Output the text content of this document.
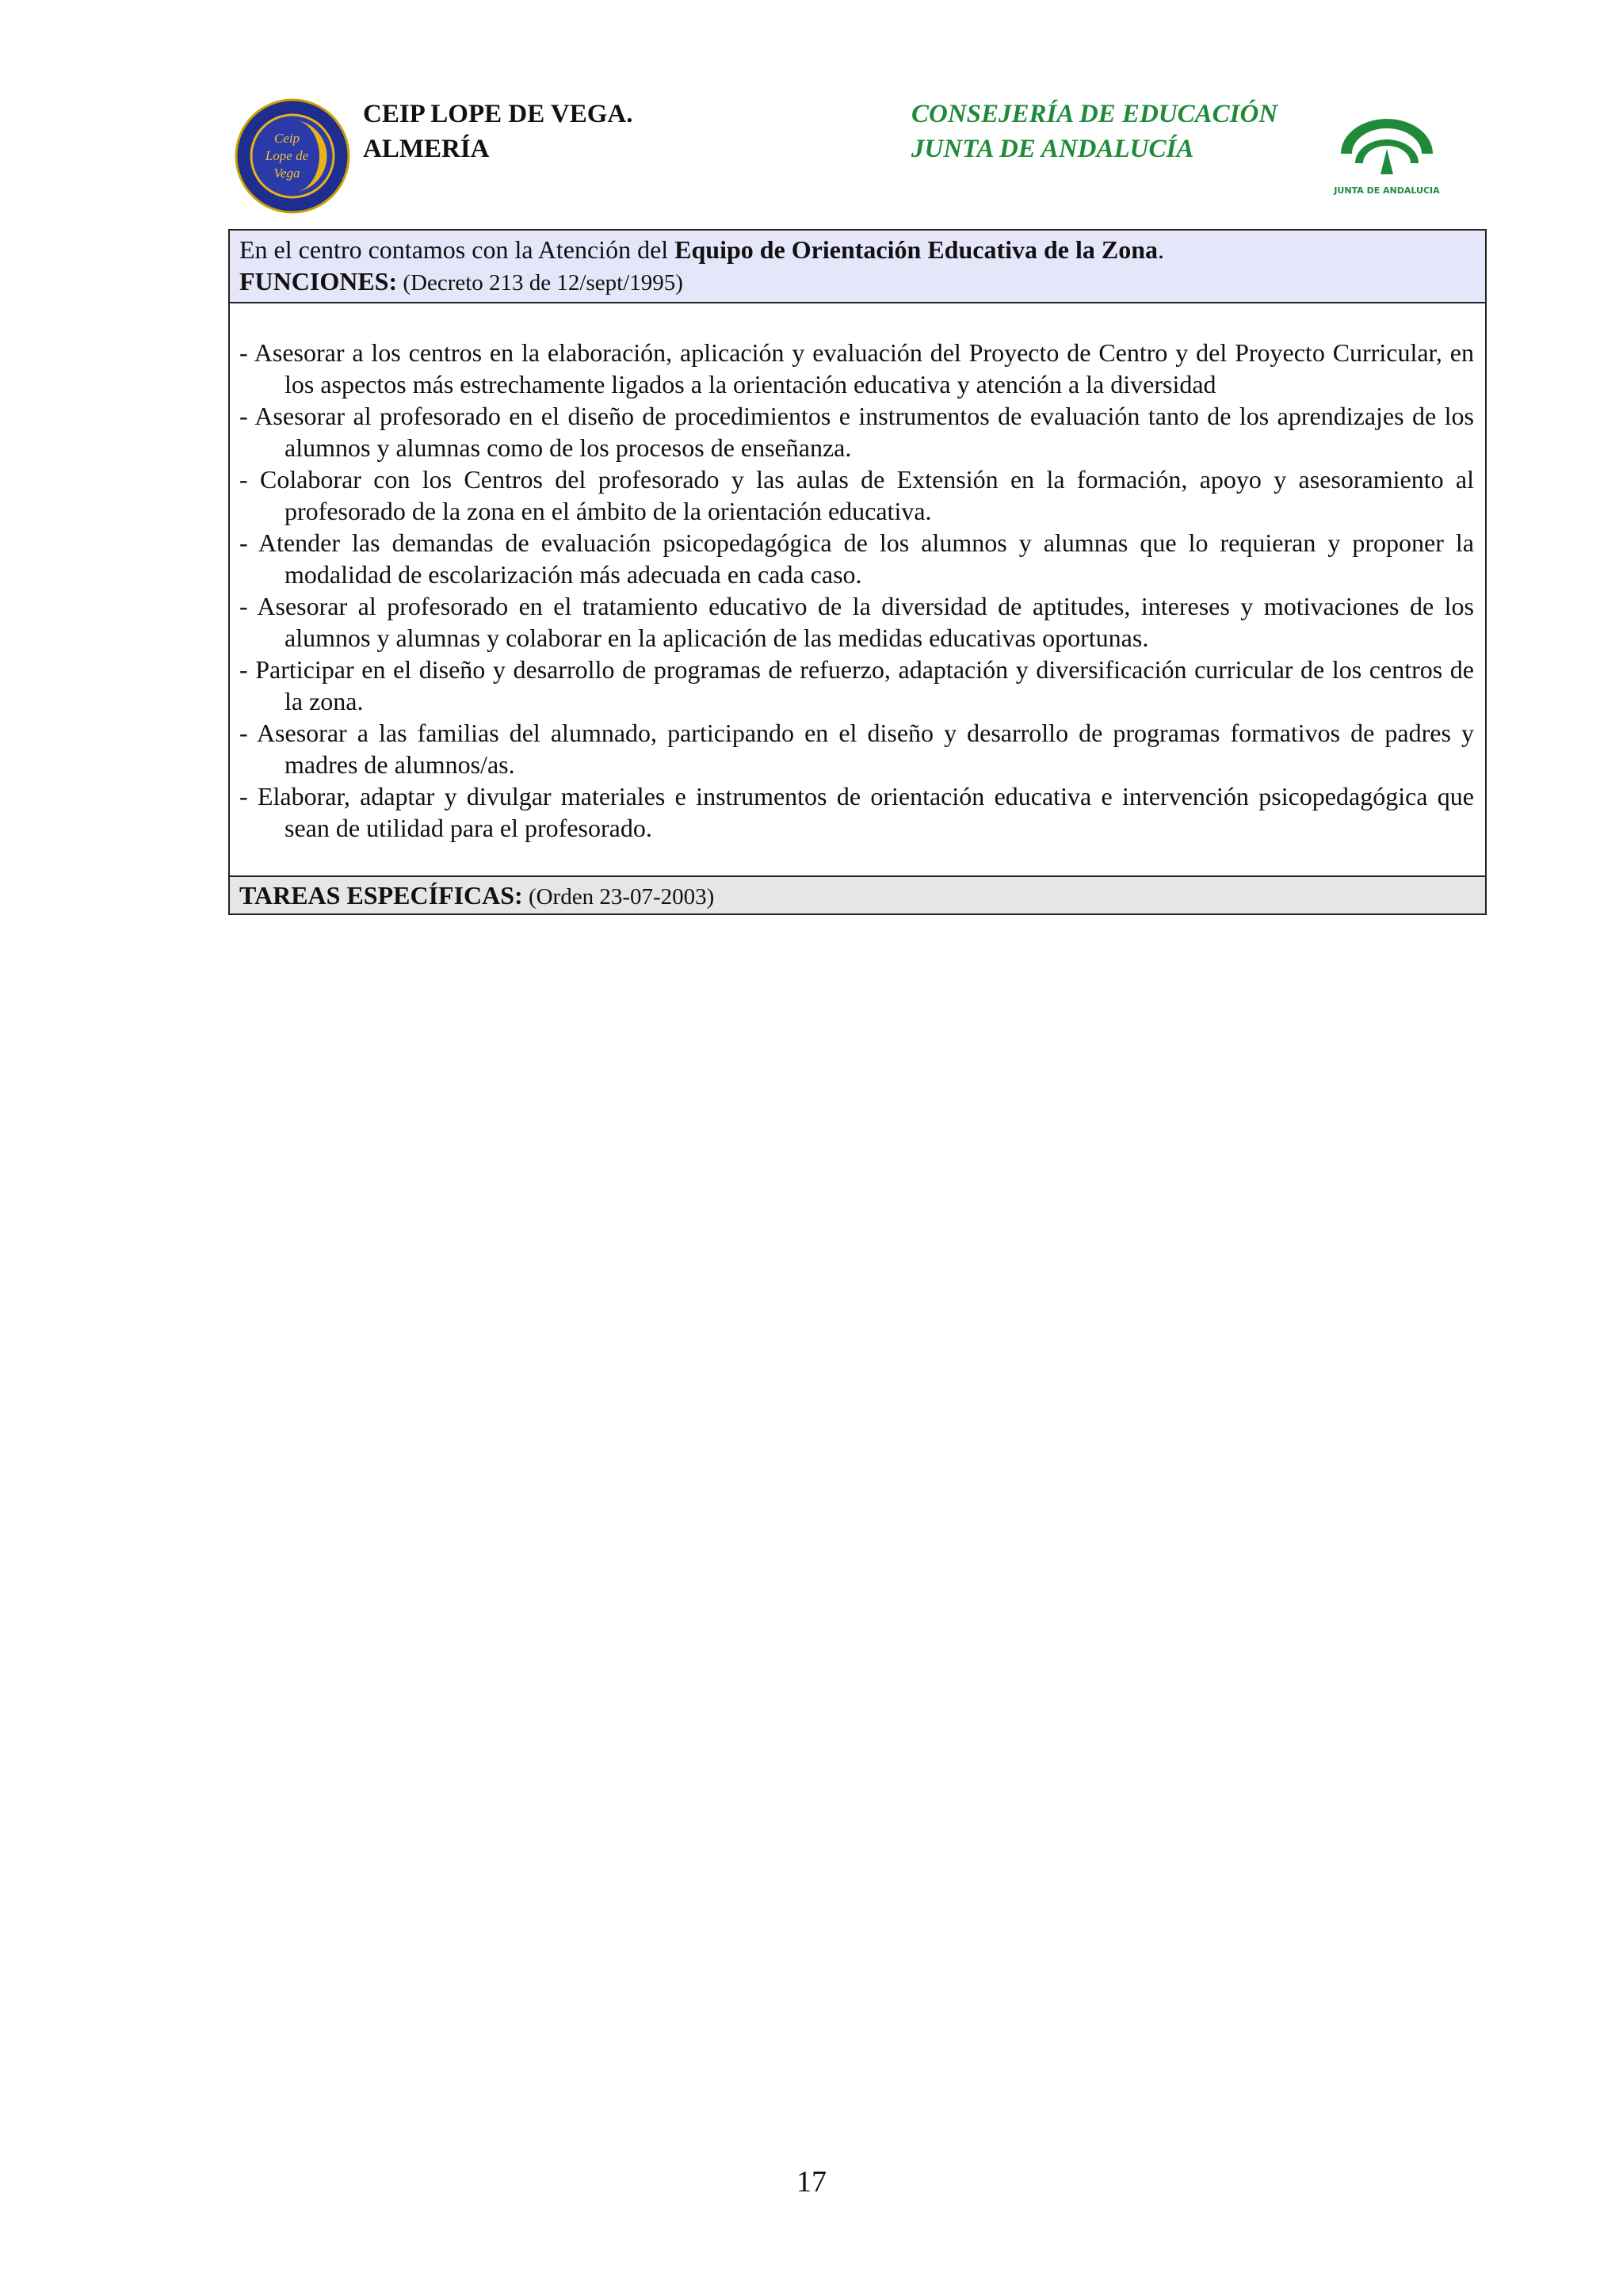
Ceip
Lope de
Vega
CEIP LOPE DE VEGA.
ALMERÍA
CONSEJERÍA DE EDUCACIÓN
JUNTA DE ANDALUCÍA
JUNTA DE ANDALUCIA
En el centro contamos con la Atención del Equipo de Orientación Educativa de la Zona.
FUNCIONES: (Decreto 213 de 12/sept/1995)

- Asesorar a los centros en la elaboración, aplicación y evaluación del Proyecto de Centro y del Proyecto Curricular, en los aspectos más estrechamente ligados a la orientación educativa y atención a la diversidad

- Asesorar al profesorado en el diseño de procedimientos e instrumentos de evaluación tanto de los aprendizajes de los alumnos y alumnas como de los procesos de enseñanza.

- Colaborar con los Centros del profesorado y las aulas de Extensión en la formación, apoyo y asesoramiento al profesorado de la zona en el ámbito de la orientación educativa.

- Atender las demandas de evaluación psicopedagógica de los alumnos y alumnas que lo requieran y proponer la modalidad de escolarización más adecuada en cada caso.

- Asesorar al profesorado en el tratamiento educativo de la diversidad de aptitudes, intereses y motivaciones de los alumnos y alumnas y colaborar en la aplicación de las medidas educativas oportunas.

- Participar en el diseño y desarrollo de programas de refuerzo, adaptación y diversificación curricular de los centros de la zona.

- Asesorar a las familias del alumnado, participando en el diseño y desarrollo de programas formativos de padres y madres de alumnos/as.

- Elaborar, adaptar y divulgar materiales e instrumentos de orientación educativa e intervención psicopedagógica que sean de utilidad para el profesorado.

TAREAS ESPECÍFICAS: (Orden 23-07-2003)
17
